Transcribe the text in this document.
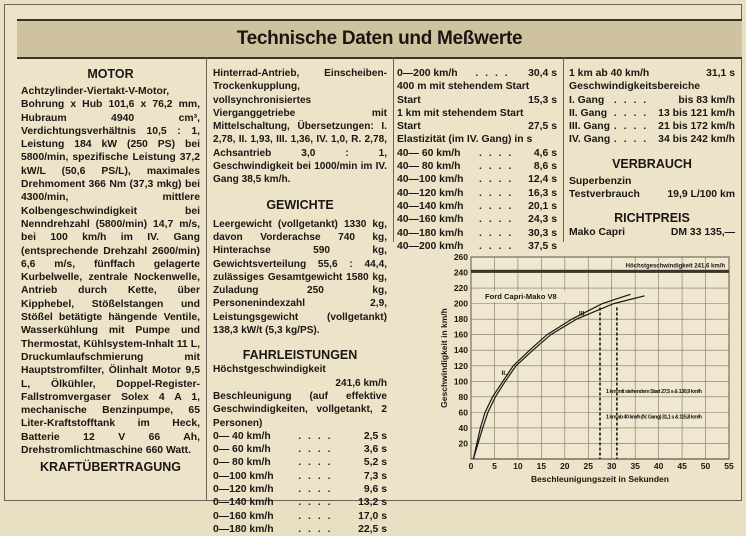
Technische Daten und Meßwerte
MOTOR

Achtzylinder-Viertakt-V-Motor, Bohrung x Hub 101,6 x 76,2 mm, Hubraum 4940 cm³, Verdichtungsverhältnis 10,5 : 1, Leistung 184 kW (250 PS) bei 5800/min, spezifische Leistung 37,2 kW/L (50,6 PS/L), maximales Drehmoment 366 Nm (37,3 mkg) bei 4300/min, mittlere Kolbengeschwindigkeit bei Nenndrehzahl (5800/min) 14,7 m/s, bei 100 km/h im IV. Gang (entsprechende Drehzahl 2600/min) 6,6 m/s, fünffach gelagerte Kurbelwelle, zentrale Nockenwelle, Antrieb durch Kette, über Kipphebel, Stößelstangen und Stößel betätigte hängende Ventile, Wasserkühlung mit Pumpe und Thermostat, Kühlsystem-Inhalt 11 L, Druckumlaufschmierung mit Hauptstromfilter, Ölinhalt Motor 9,5 L, Ölkühler, Doppel-Register-Fallstromvergaser Solex 4 A 1, mechanische Benzinpumpe, 65 Liter-Kraftstofftank im Heck, Batterie 12 V 66 Ah, Drehstromlichtmaschine 660 Watt.

KRAFTÜBERTRAGUNG

Hinterrad-Antrieb, Einscheiben-Trockenkupplung, vollsynchronisiertes Vierganggetriebe mit Mittelschaltung, Übersetzungen: I. 2,78, II. 1,93, III. 1,36, IV. 1,0, R. 2,78, Achsantrieb 3,0 : 1, Geschwindigkeit bei 1000/min im IV. Gang 38,5 km/h.

GEWICHTE

Leergewicht (vollgetankt) 1330 kg, davon Vorderachse 740 kg, Hinterachse 590 kg, Gewichtsverteilung 55,6 : 44,4, zulässiges Gesamtgewicht 1580 kg, Zuladung 250 kg, Personenindexzahl 2,9, Leistungsgewicht (vollgetankt) 138,3 kW/t (5,3 kg/PS).

FAHRLEISTUNGEN
Höchstgeschwindigkeit
241,6 km/h

Beschleunigung (auf effektive Geschwindigkeiten, vollgetankt, 2 Personen)

0— 40 km/h	. . . .	2,5 s
0— 60 km/h	. . . .	3,6 s
0— 80 km/h	. . . .	5,2 s
0—100 km/h	. . . .	7,3 s
0—120 km/h	. . . .	9,6 s
0—140 km/h	. . . .	13,2 s
0—160 km/h	. . . .	17,0 s
0—180 km/h	. . . .	22,5 s
0—200 km/h	. . . .	30,4 s
400 m mit stehendem Start
Start	15,3 s
1 km mit stehendem Start
Start	27,5 s
Elastizität (im IV. Gang) in s
40— 60 km/h	. . . .	4,6 s
40— 80 km/h	. . . .	8,6 s
40—100 km/h	. . . .	12,4 s
40—120 km/h	. . . .	16,3 s
40—140 km/h	. . . .	20,1 s
40—160 km/h	. . . .	24,3 s
40—180 km/h	. . . .	30,3 s
40—200 km/h	. . . .	37,5 s
1 km ab 40 km/h	31,1 s
Geschwindigkeitsbereiche
I. Gang	. . . .	bis 83 km/h
II. Gang	. . . .	13 bis 121 km/h
III. Gang	. . . .	21 bis 172 km/h
IV. Gang	. . . .	34 bis 242 km/h
VERBRAUCH
Superbenzin
Testverbrauch	19,9 L/100 km
RICHTPREIS
Mako Capri	DM 33 135,—
20
40
60
80
100
120
140
160
180
200
220
240
260
0 5 10 15 20 25 30 35 40 45 50 55
Höchstgeschwindigkeit 241,6 km/h
Ford Capri-Mako V8
II.
III.
1 km mit stehendem Start 27,5 s & 130,9 km/h
1 km ab 40 km/h (IV. Gang) 31,1 s & 115,8 km/h
Beschleunigungszeit in Sekunden
Geschwindigkeit in km/h
